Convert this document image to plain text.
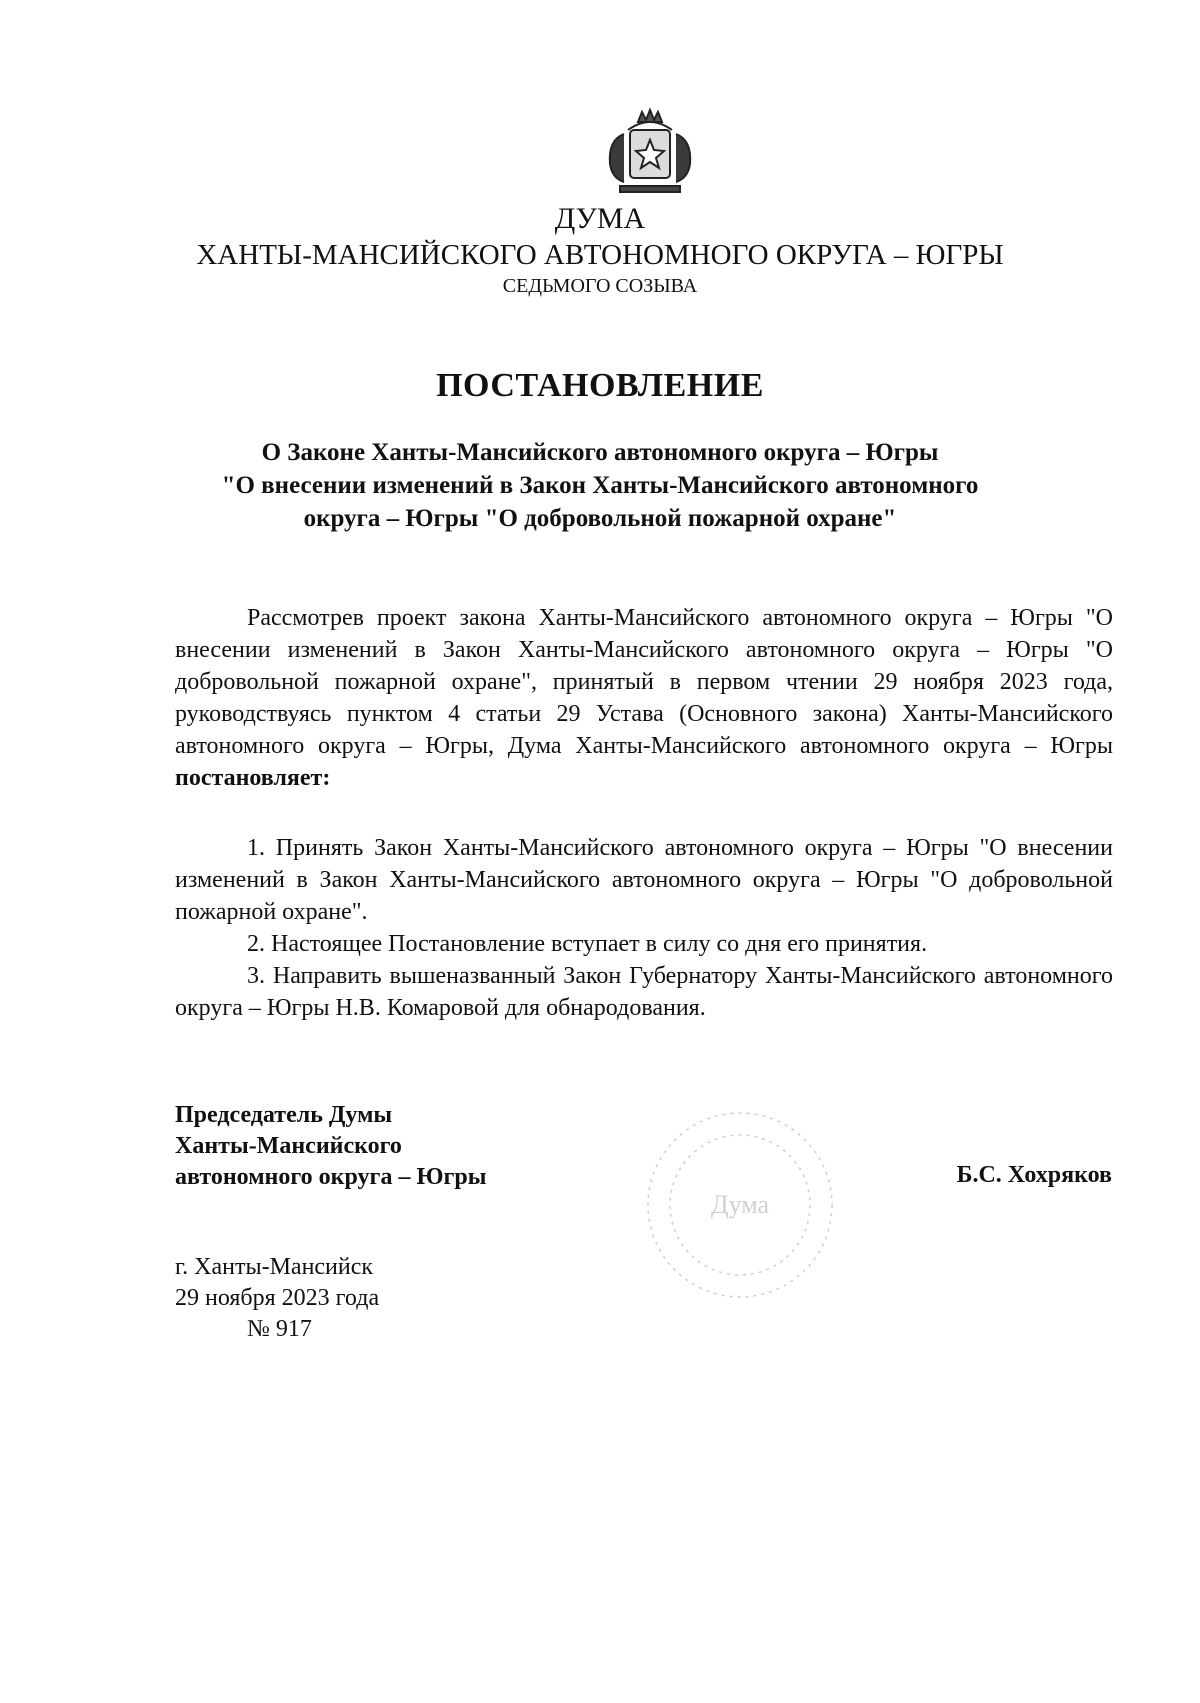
ДУМА
ХАНТЫ-МАНСИЙСКОГО АВТОНОМНОГО ОКРУГА – ЮГРЫ
СЕДЬМОГО СОЗЫВА
ПОСТАНОВЛЕНИЕ
О Законе Ханты-Мансийского автономного округа – Югры
"О внесении изменений в Закон Ханты-Мансийского автономного
округа – Югры "О добровольной пожарной охране"

Рассмотрев проект закона Ханты-Мансийского автономного округа – Югры "О внесении изменений в Закон Ханты-Мансийского автономного округа – Югры "О добровольной пожарной охране", принятый в первом чтении 29 ноября 2023 года, руководствуясь пунктом 4 статьи 29 Устава (Основного закона) Ханты-Мансийского автономного округа – Югры, Дума Ханты-Мансийского автономного округа – Югры постановляет:

1. Принять Закон Ханты-Мансийского автономного округа – Югры "О внесении изменений в Закон Ханты-Мансийского автономного округа – Югры "О добровольной пожарной охране".

2. Настоящее Постановление вступает в силу со дня его принятия.

3. Направить вышеназванный Закон Губернатору Ханты-Мансийского автономного округа – Югры Н.В. Комаровой для обнародования.

Дума
Председатель Думы
Ханты-Мансийского
автономного округа – Югры	Б.С. Хохряков
г. Ханты-Мансийск
29 ноября 2023 года
№ 917
